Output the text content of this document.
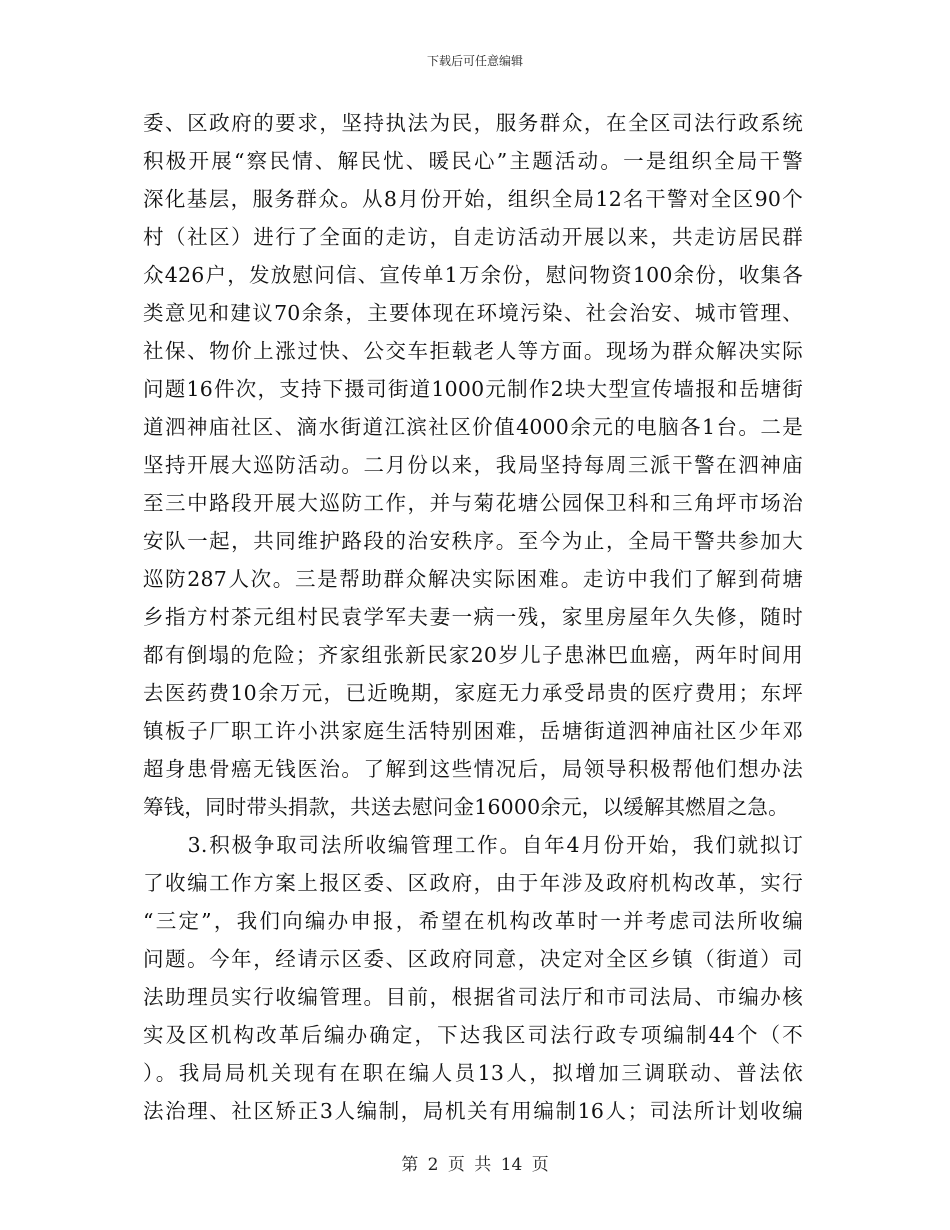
下载后可任意编辑
委、区政府的要求，坚持执法为民，服务群众，在全区司法行政系统
积极开展“察民情、解民忧、暖民心”主题活动。一是组织全局干警
深化基层，服务群众。从8月份开始，组织全局12名干警对全区90个
村（社区）进行了全面的走访，自走访活动开展以来，共走访居民群
众426户，发放慰问信、宣传单1万余份，慰问物资100余份，收集各
类意见和建议70余条，主要体现在环境污染、社会治安、城市管理、
社保、物价上涨过快、公交车拒载老人等方面。现场为群众解决实际
问题16件次，支持下摄司街道1000元制作2块大型宣传墙报和岳塘街
道泗神庙社区、滴水街道江滨社区价值4000余元的电脑各1台。二是
坚持开展大巡防活动。二月份以来，我局坚持每周三派干警在泗神庙
至三中路段开展大巡防工作，并与菊花塘公园保卫科和三角坪市场治
安队一起，共同维护路段的治安秩序。至今为止，全局干警共参加大
巡防287人次。三是帮助群众解决实际困难。走访中我们了解到荷塘
乡指方村茶元组村民袁学军夫妻一病一残，家里房屋年久失修，随时
都有倒塌的危险；齐家组张新民家20岁儿子患淋巴血癌，两年时间用
去医药费10余万元，已近晚期，家庭无力承受昂贵的医疗费用；东坪
镇板子厂职工许小洪家庭生活特别困难，岳塘街道泗神庙社区少年邓
超身患骨癌无钱医治。了解到这些情况后，局领导积极帮他们想办法
筹钱，同时带头捐款，共送去慰问金16000余元，以缓解其燃眉之急。
　　3.积极争取司法所收编管理工作。自年4月份开始，我们就拟订
了收编工作方案上报区委、区政府，由于年涉及政府机构改革，实行
“三定”，我们向编办申报，希望在机构改革时一并考虑司法所收编
问题。今年，经请示区委、区政府同意，决定对全区乡镇（街道）司
法助理员实行收编管理。目前，根据省司法厅和市司法局、市编办核
实及区机构改革后编办确定，下达我区司法行政专项编制44个（不
）。我局局机关现有在职在编人员13人，拟增加三调联动、普法依
法治理、社区矫正3人编制，局机关有用编制16人；司法所计划收编
第 2 页 共 14 页
